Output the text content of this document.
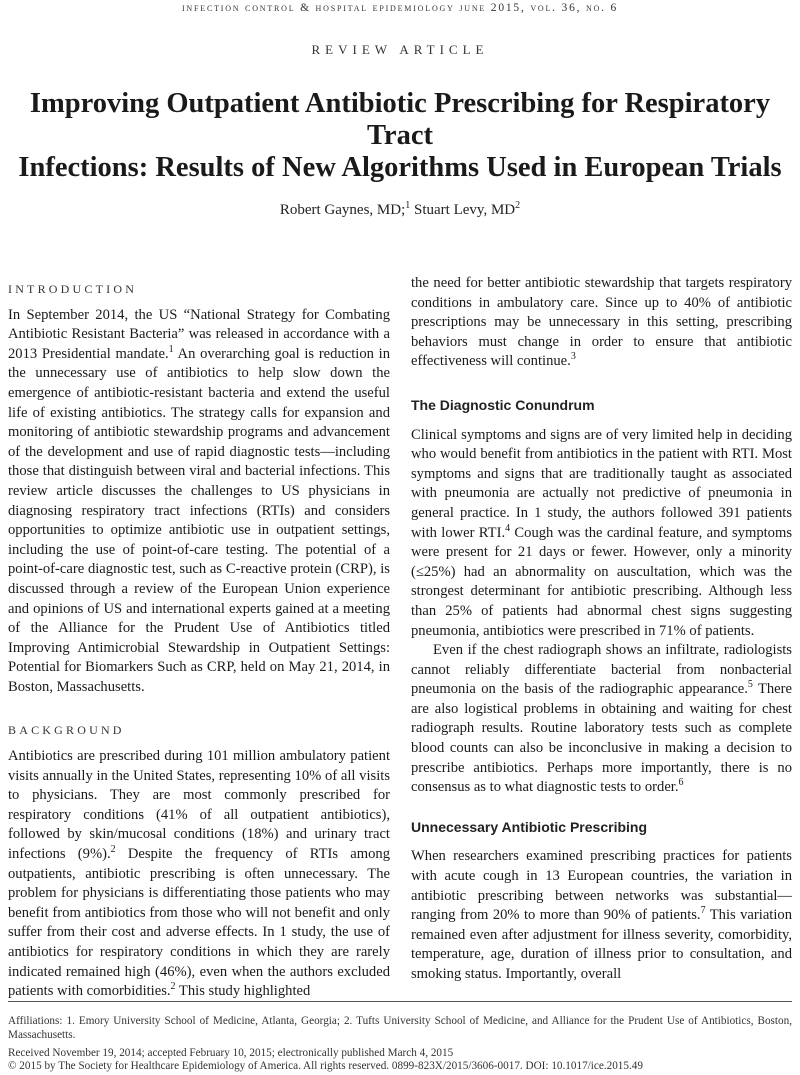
infection control & hospital epidemiology june 2015, vol. 36, no. 6
REVIEW ARTICLE
Improving Outpatient Antibiotic Prescribing for Respiratory Tract
Infections: Results of New Algorithms Used in European Trials
Robert Gaynes, MD;$^1$ Stuart Levy, $MD^2$
INTRODUCTION

In September 2014, the US “National Strategy for Combating Antibiotic Resistant Bacteria” was released in accordance with a 2013 Presidential mandate.$^1$ An overarching goal is reduction in the unnecessary use of antibiotics to help slow down the emergence of antibiotic-resistant bacteria and extend the useful life of existing antibiotics. The strategy calls for expansion and monitoring of antibiotic stewardship programs and advancement of the development and use of rapid diagnostic tests—including those that distinguish between viral and bacterial infections. This review article discusses the challenges to US physicians in diagnosing respiratory tract infections (RTIs) and considers opportunities to optimize antibiotic use in outpatient settings, including the use of point-of-care testing. The potential of a point-of-care diagnostic test, such as C-reactive protein (CRP), is discussed through a review of the European Union experience and opinions of US and international experts gained at a meeting of the Alliance for the Prudent Use of Antibiotics titled Improving Antimicrobial Stewardship in Outpatient Settings: Potential for Biomarkers Such as CRP, held on May 21, 2014, in Boston, Massachusetts.

BACKGROUND

Antibiotics are prescribed during 101 million ambulatory patient visits annually in the United States, representing 10% of all visits to physicians. They are most commonly prescribed for respiratory conditions (41% of all outpatient antibiotics), followed by skin/mucosal conditions (18%) and urinary tract infections (9%).$^2$ Despite the frequency of RTIs among outpatients, antibiotic prescribing is often unnecessary. The problem for physicians is differentiating those patients who may benefit from antibiotics from those who will not benefit and only suffer from their cost and adverse effects. In 1 study, the use of antibiotics for respiratory conditions in which they are rarely indicated remained high (46%), even when the authors excluded patients with comorbidities.$^2$ This study highlighted

the need for better antibiotic stewardship that targets respiratory conditions in ambulatory care. Since up to 40% of antibiotic prescriptions may be unnecessary in this setting, prescribing behaviors must change in order to ensure that antibiotic effectiveness will continue.$^3$

The Diagnostic Conundrum

Clinical symptoms and signs are of very limited help in deciding who would benefit from antibiotics in the patient with RTI. Most symptoms and signs that are traditionally taught as associated with pneumonia are actually not predictive of pneumonia in general practice. In 1 study, the authors followed 391 patients with lower RTI.$^4$ Cough was the cardinal feature, and symptoms were present for 21 days or fewer. However, only a minority (≤25%) had an abnormality on auscultation, which was the strongest determinant for antibiotic prescribing. Although less than 25% of patients had abnormal chest signs suggesting pneumonia, antibiotics were prescribed in 71% of patients.

Even if the chest radiograph shows an infiltrate, radiologists cannot reliably differentiate bacterial from nonbacterial pneumonia on the basis of the radiographic appearance.$^5$ There are also logistical problems in obtaining and waiting for chest radiograph results. Routine laboratory tests such as complete blood counts can also be inconclusive in making a decision to prescribe antibiotics. Perhaps more importantly, there is no consensus as to what diagnostic tests to order.$^6$

Unnecessary Antibiotic Prescribing

When researchers examined prescribing practices for patients with acute cough in 13 European countries, the variation in antibiotic prescribing between networks was substantial—ranging from 20% to more than 90% of patients.$^7$ This variation remained even after adjustment for illness severity, comorbidity, temperature, age, duration of illness prior to consultation, and smoking status. Importantly, overall

Affiliations: 1. Emory University School of Medicine, Atlanta, Georgia; 2. Tufts University School of Medicine, and Alliance for the Prudent Use of Antibiotics, Boston, Massachusetts.
Received November 19, 2014; accepted February 10, 2015; electronically published March 4, 2015
© 2015 by The Society for Healthcare Epidemiology of America. All rights reserved. 0899-823X/2015/3606-0017. DOI: 10.1017/ice.2015.49
